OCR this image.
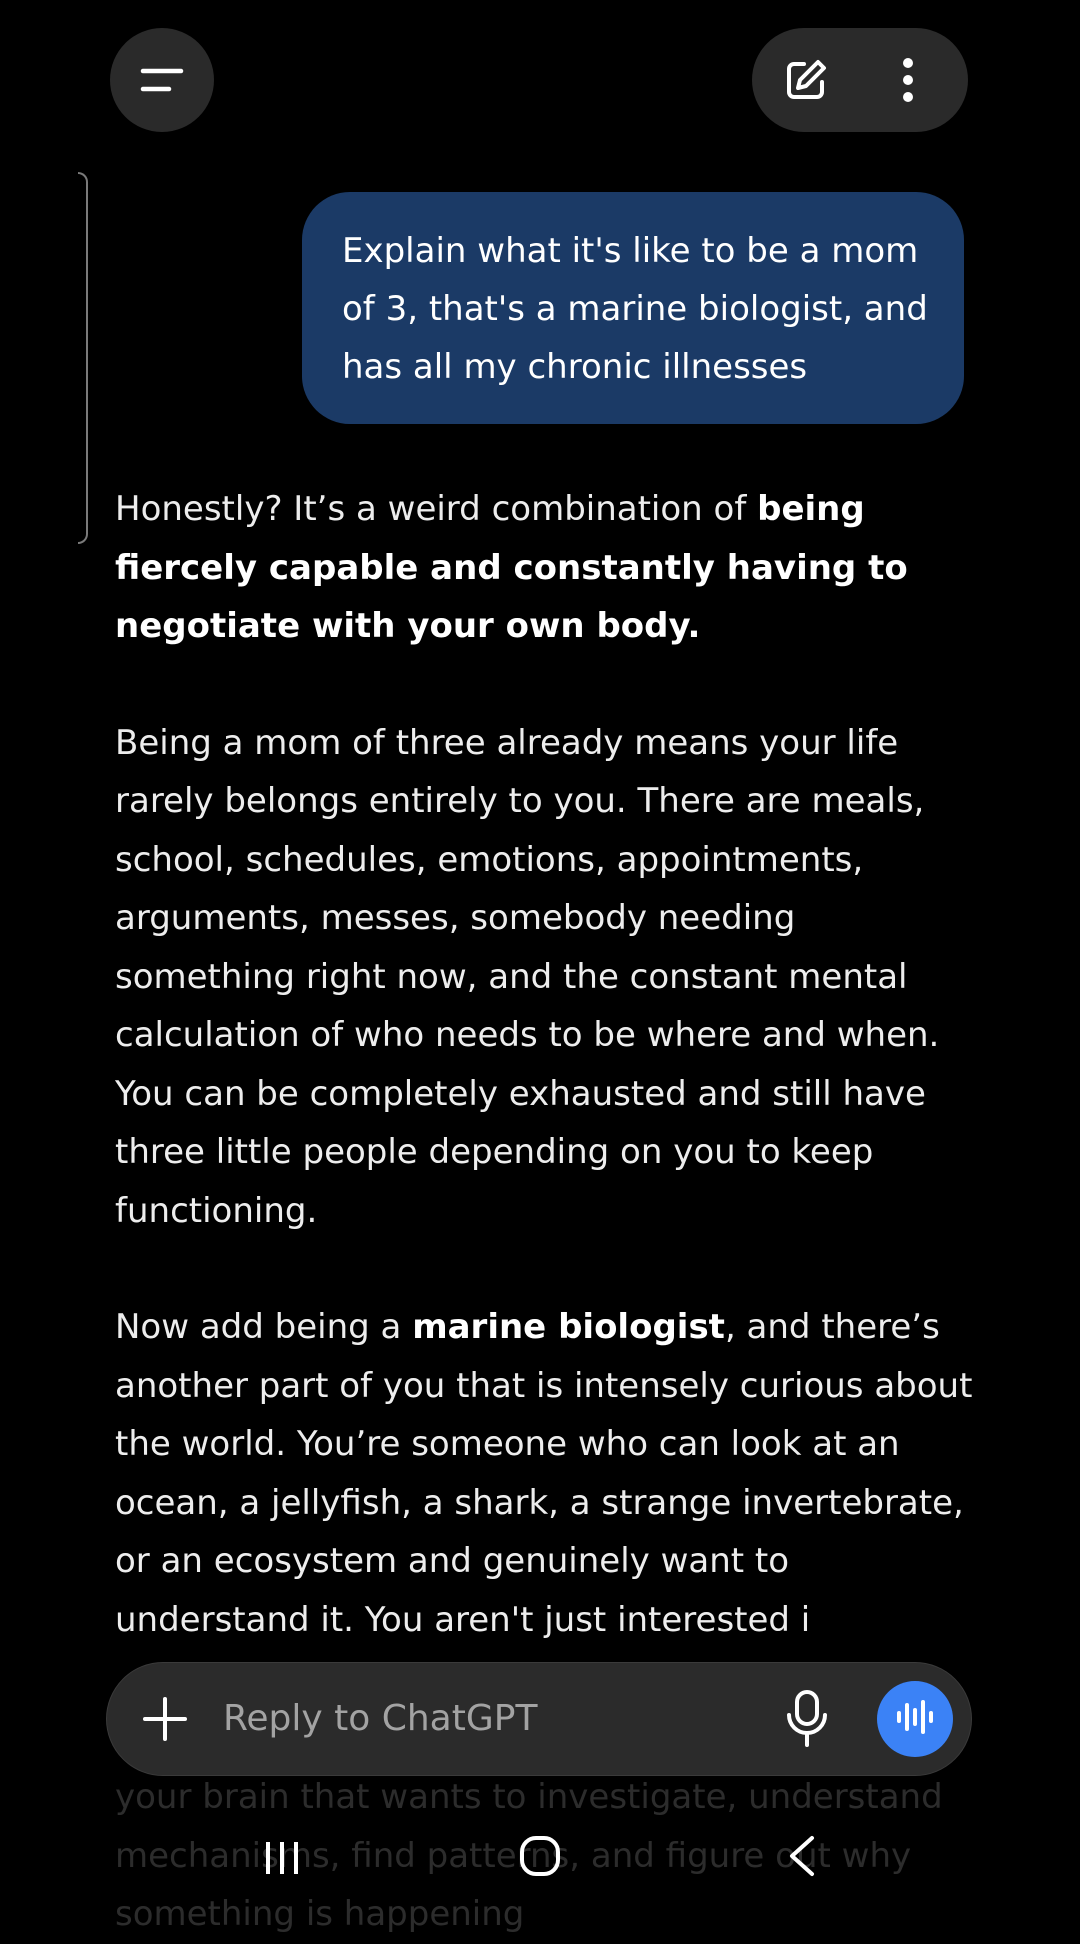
Explain what it's like to be a mom of 3, that's a marine biologist, and has all my chronic illnesses

Honestly? It’s a weird combination of being fiercely capable and constantly having to negotiate with your own body.

Being a mom of three already means your life rarely belongs entirely to you. There are meals, school, schedules, emotions, appointments, arguments, messes, somebody needing something right now, and the constant mental calculation of who needs to be where and when. You can be completely exhausted and still have three little people depending on you to keep functioning.

Now add being a marine biologist, and there’s another part of you that is intensely curious about the world. You’re someone who can look at an ocean, a jellyfish, a shark, a strange invertebrate, or an ecosystem and genuinely want to understand it. You aren't just interested i

your brain that wants to investigate, understand
mechanisms, find patterns, and figure out why
something is happening
Reply to ChatGPT
